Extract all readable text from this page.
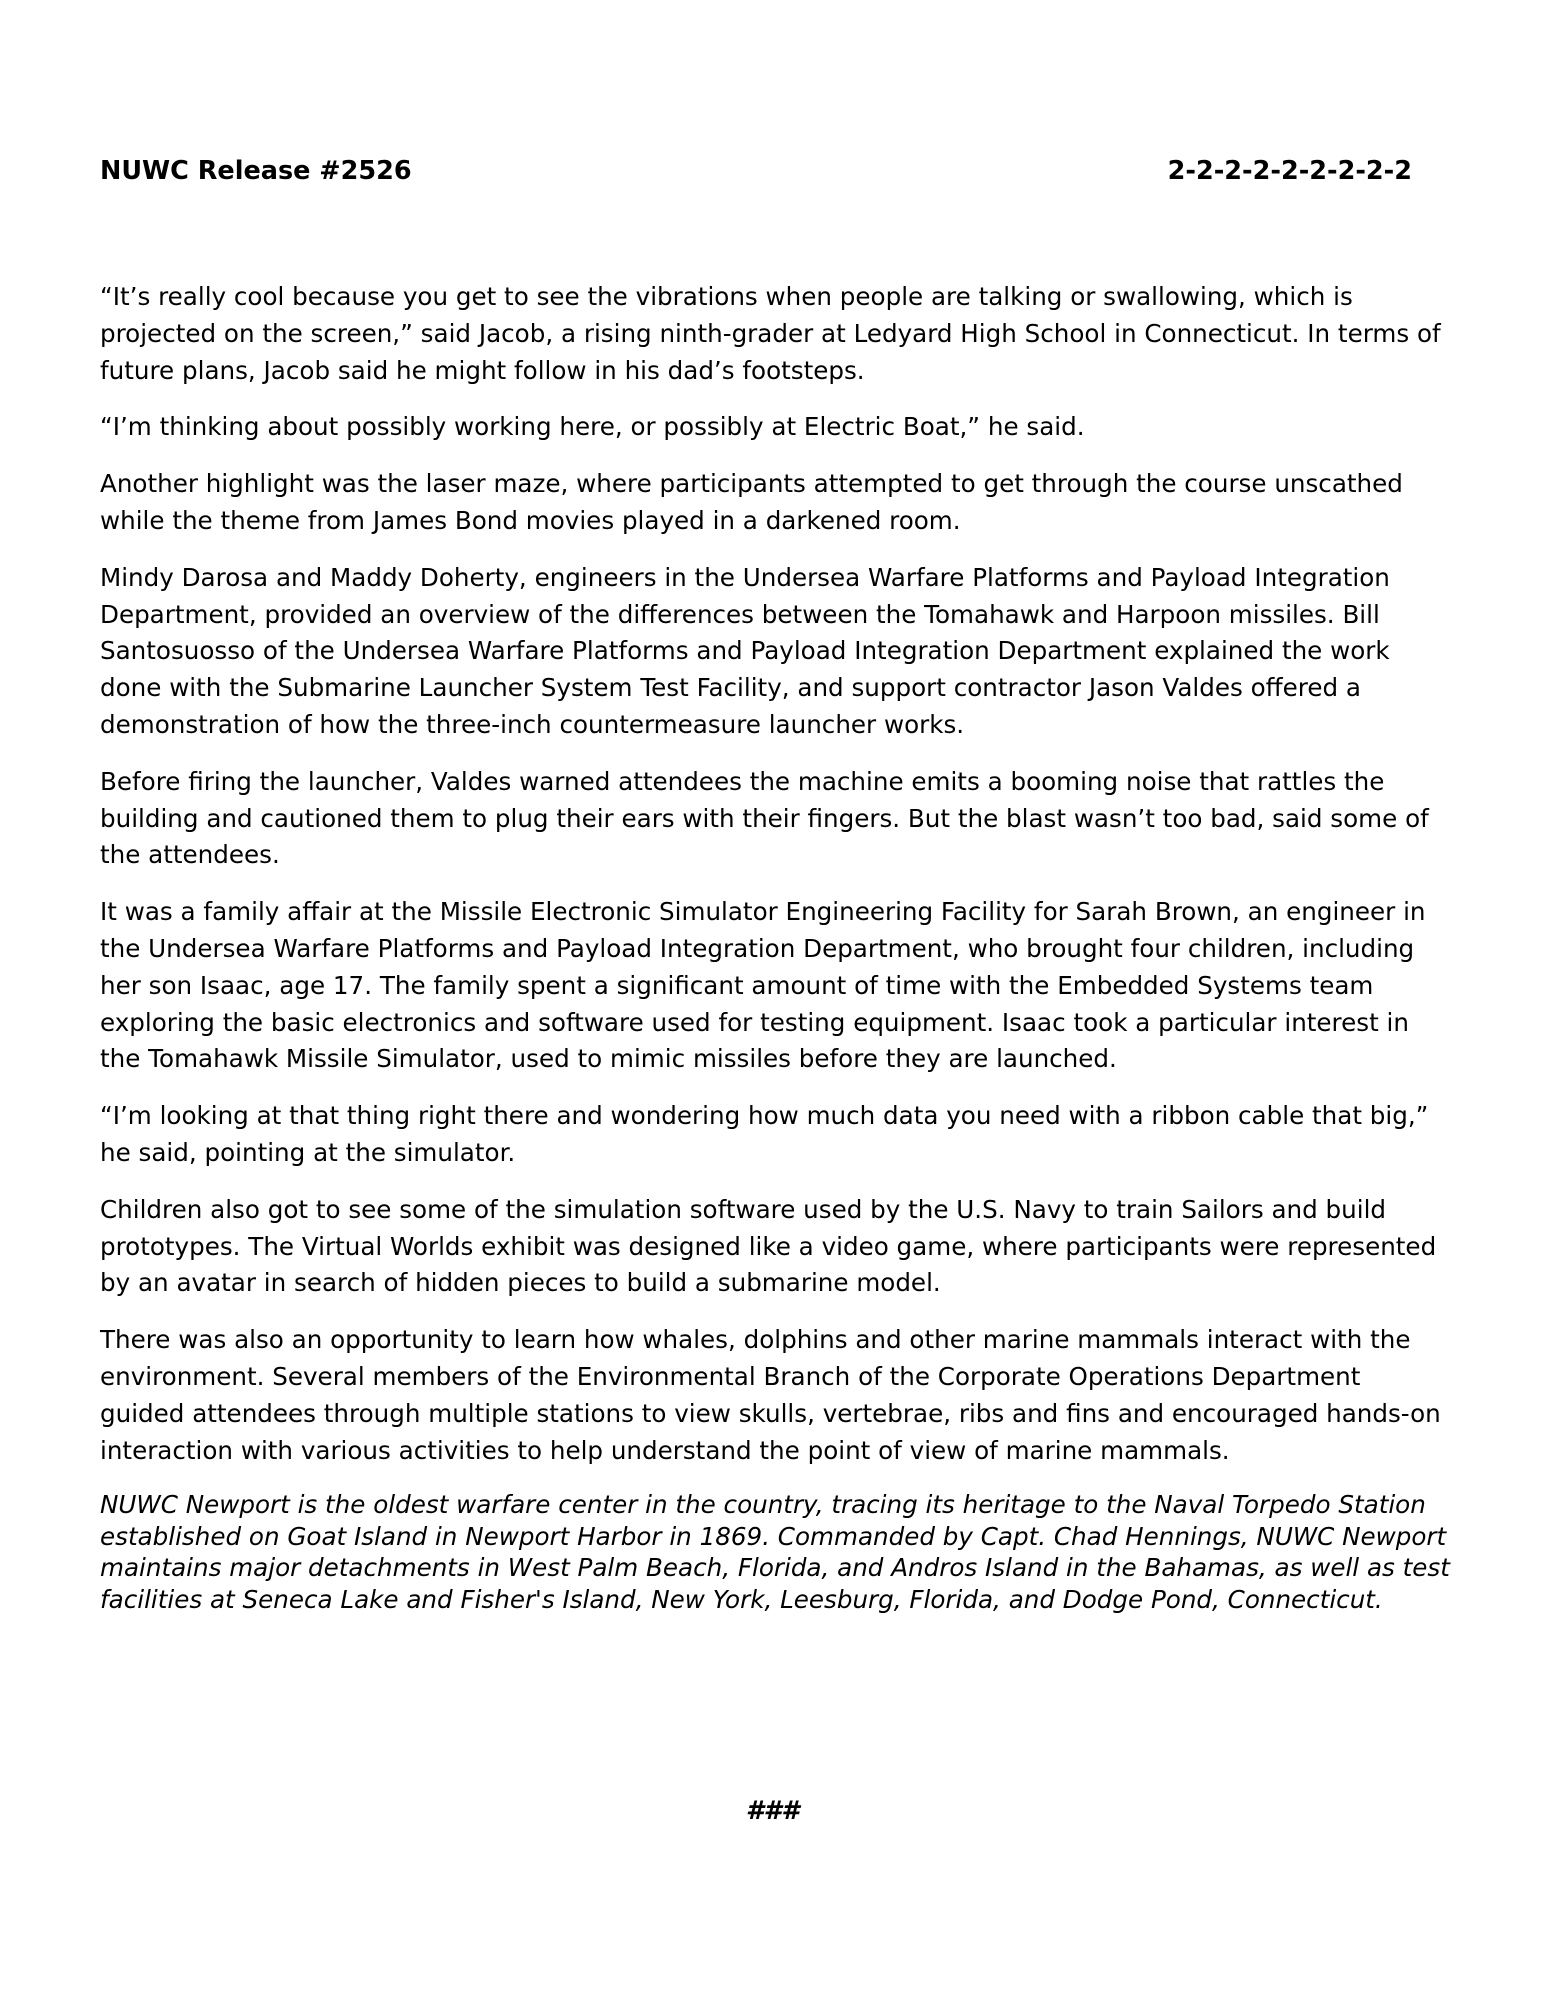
NUWC Release #2526	2-2-2-2-2-2-2-2-2

“It’s really cool because you get to see the vibrations when people are talking or swallowing, which is projected on the screen,” said Jacob, a rising ninth-grader at Ledyard High School in Connecticut. In terms of future plans, Jacob said he might follow in his dad’s footsteps.

“I’m thinking about possibly working here, or possibly at Electric Boat,” he said.

Another highlight was the laser maze, where participants attempted to get through the course unscathed while the theme from James Bond movies played in a darkened room.

Mindy Darosa and Maddy Doherty, engineers in the Undersea Warfare Platforms and Payload Integration Department, provided an overview of the differences between the Tomahawk and Harpoon missiles. Bill Santosuosso of the Undersea Warfare Platforms and Payload Integration Department explained the work done with the Submarine Launcher System Test Facility, and support contractor Jason Valdes offered a demonstration of how the three-inch countermeasure launcher works.

Before firing the launcher, Valdes warned attendees the machine emits a booming noise that rattles the building and cautioned them to plug their ears with their fingers. But the blast wasn’t too bad, said some of the attendees.

It was a family affair at the Missile Electronic Simulator Engineering Facility for Sarah Brown, an engineer in the Undersea Warfare Platforms and Payload Integration Department, who brought four children, including her son Isaac, age 17. The family spent a significant amount of time with the Embedded Systems team exploring the basic electronics and software used for testing equipment. Isaac took a particular interest in the Tomahawk Missile Simulator, used to mimic missiles before they are launched.

“I’m looking at that thing right there and wondering how much data you need with a ribbon cable that big,” he said, pointing at the simulator.

Children also got to see some of the simulation software used by the U.S. Navy to train Sailors and build prototypes. The Virtual Worlds exhibit was designed like a video game, where participants were represented by an avatar in search of hidden pieces to build a submarine model.

There was also an opportunity to learn how whales, dolphins and other marine mammals interact with the environment. Several members of the Environmental Branch of the Corporate Operations Department guided attendees through multiple stations to view skulls, vertebrae, ribs and fins and encouraged hands-on interaction with various activities to help understand the point of view of marine mammals.

NUWC Newport is the oldest warfare center in the country, tracing its heritage to the Naval Torpedo Station established on Goat Island in Newport Harbor in 1869. Commanded by Capt. Chad Hennings, NUWC Newport maintains major detachments in West Palm Beach, Florida, and Andros Island in the Bahamas, as well as test facilities at Seneca Lake and Fisher's Island, New York, Leesburg, Florida, and Dodge Pond, Connecticut.

###
